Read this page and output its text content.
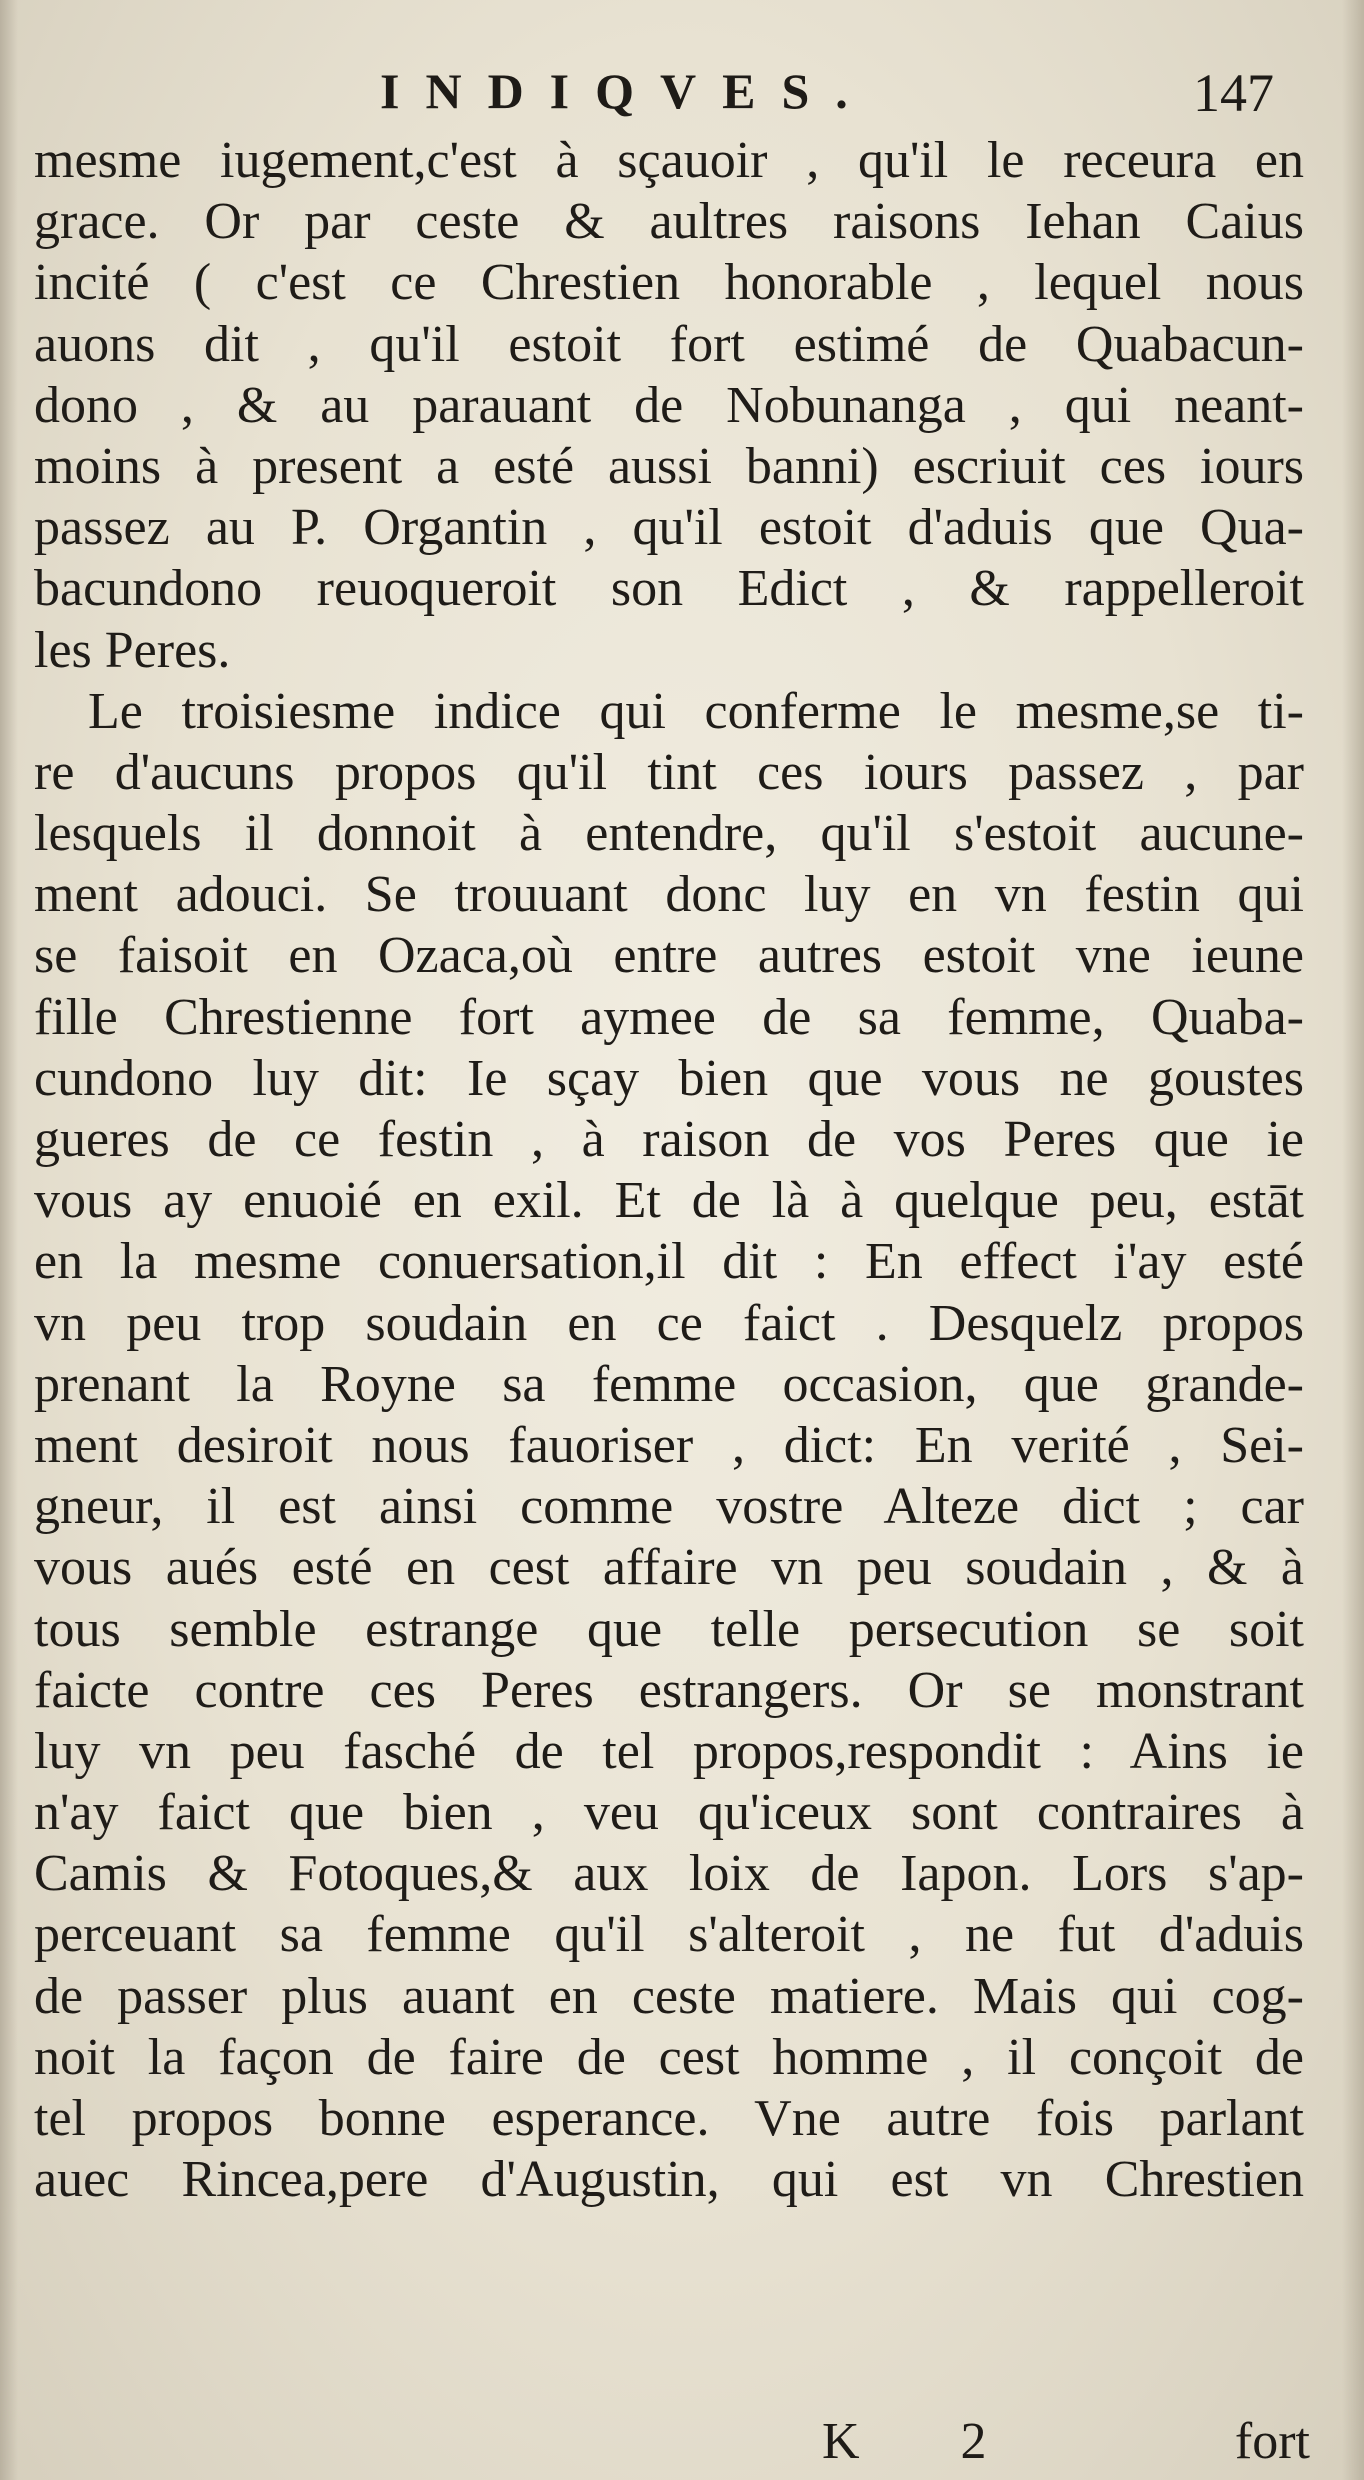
INDIQVES.	147
mesme iugement,c'est à sçauoir , qu'il le receura en
grace. Or par ceste & aultres raisons Iehan Caius
incité ( c'est ce Chrestien honorable , lequel nous
auons dit , qu'il estoit fort estimé de Quabacun-
dono , & au parauant de Nobunanga , qui neant-
moins à present a esté aussi banni) escriuit ces iours
passez au P. Organtin , qu'il estoit d'aduis que Qua-
bacundono reuoqueroit son Edict , & rappelleroit
les Peres.
Le troisiesme indice qui conferme le mesme,se ti-
re d'aucuns propos qu'il tint ces iours passez , par
lesquels il donnoit à entendre, qu'il s'estoit aucune-
ment adouci. Se trouuant donc luy en vn festin qui
se faisoit en Ozaca,où entre autres estoit vne ieune
fille Chrestienne fort aymee de sa femme, Quaba-
cundono luy dit: Ie sçay bien que vous ne goustes
gueres de ce festin , à raison de vos Peres que ie
vous ay enuoié en exil. Et de là à quelque peu, estāt
en la mesme conuersation,il dit : En effect i'ay esté
vn peu trop soudain en ce faict . Desquelz propos
prenant la Royne sa femme occasion, que grande-
ment desiroit nous fauoriser , dict: En verité , Sei-
gneur, il est ainsi comme vostre Alteze dict ; car
vous aués esté en cest affaire vn peu soudain , & à
tous semble estrange que telle persecution se soit
faicte contre ces Peres estrangers. Or se monstrant
luy vn peu fasché de tel propos,respondit : Ains ie
n'ay faict que bien , veu qu'iceux sont contraires à
Camis & Fotoques,& aux loix de Iapon. Lors s'ap-
perceuant sa femme qu'il s'alteroit , ne fut d'aduis
de passer plus auant en ceste matiere. Mais qui cog-
noit la façon de faire de cest homme , il conçoit de
tel propos bonne esperance. Vne autre fois parlant
auec Rincea,pere d'Augustin, qui est vn Chrestien
K 2	fort
